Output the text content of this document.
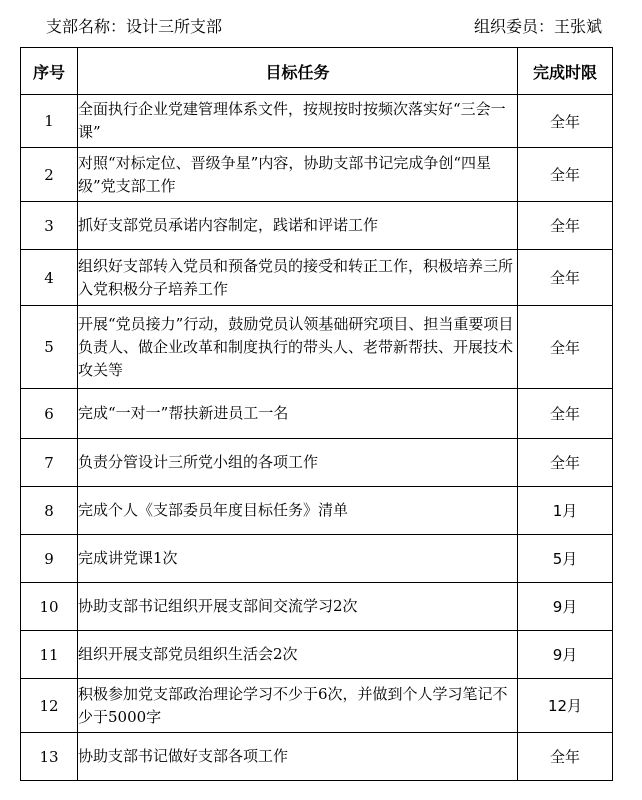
支部名称：设计三所支部	组织委员：王张斌
序号	目标任务	完成时限
1	全面执行企业党建管理体系文件，按规按时按频次落实好“三会一课”	全年
2	对照“对标定位、晋级争星”内容，协助支部书记完成争创“四星级”党支部工作	全年
3	抓好支部党员承诺内容制定，践诺和评诺工作	全年
4	组织好支部转入党员和预备党员的接受和转正工作，积极培养三所入党积极分子培养工作	全年
5	开展“党员接力”行动，鼓励党员认领基础研究项目、担当重要项目负责人、做企业改革和制度执行的带头人、老带新帮扶、开展技术攻关等	全年
6	完成“一对一”帮扶新进员工一名	全年
7	负责分管设计三所党小组的各项工作	全年
8	完成个人《支部委员年度目标任务》清单	1月
9	完成讲党课1次	5月
10	协助支部书记组织开展支部间交流学习2次	9月
11	组织开展支部党员组织生活会2次	9月
12	积极参加党支部政治理论学习不少于6次，并做到个人学习笔记不少于5000字	12月
13	协助支部书记做好支部各项工作	全年
